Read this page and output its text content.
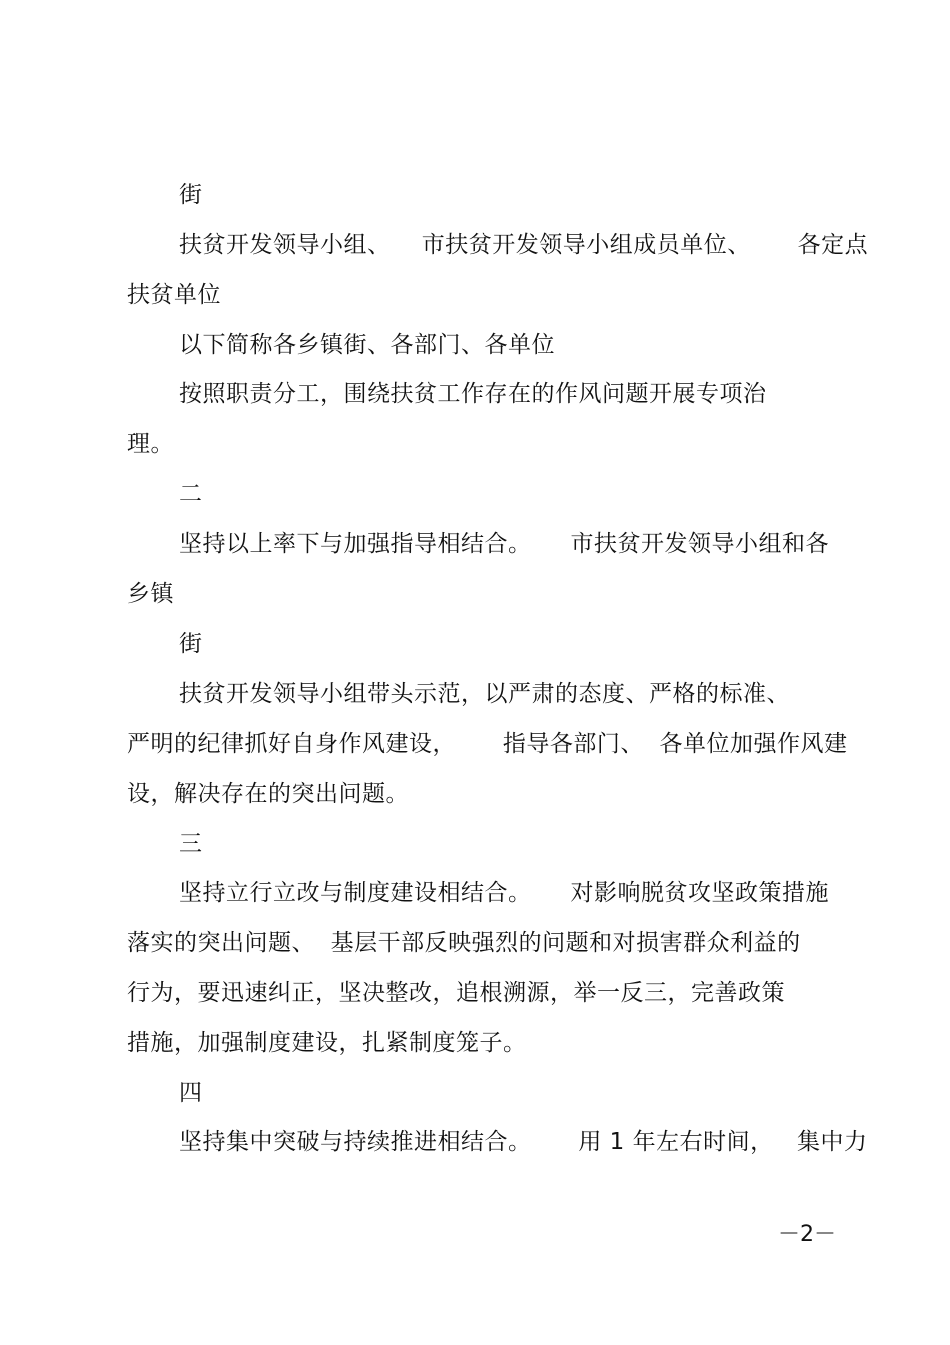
街
扶贫开发领导小组、    市扶贫开发领导小组成员单位、      各定点
扶贫单位
以下简称各乡镇街、各部门、各单位
按照职责分工，围绕扶贫工作存在的作风问题开展专项治
理。
二
坚持以上率下与加强指导相结合。     市扶贫开发领导小组和各
乡镇
街
扶贫开发领导小组带头示范，以严肃的态度、严格的标准、
严明的纪律抓好自身作风建设，      指导各部门、  各单位加强作风建
设，解决存在的突出问题。
三
坚持立行立改与制度建设相结合。     对影响脱贫攻坚政策措施
落实的突出问题、  基层干部反映强烈的问题和对损害群众利益的
行为，要迅速纠正，坚决整改，追根溯源，举一反三，完善政策
措施，加强制度建设，扎紧制度笼子。
四
坚持集中突破与持续推进相结合。      用 1 年左右时间，   集中力
－2－
